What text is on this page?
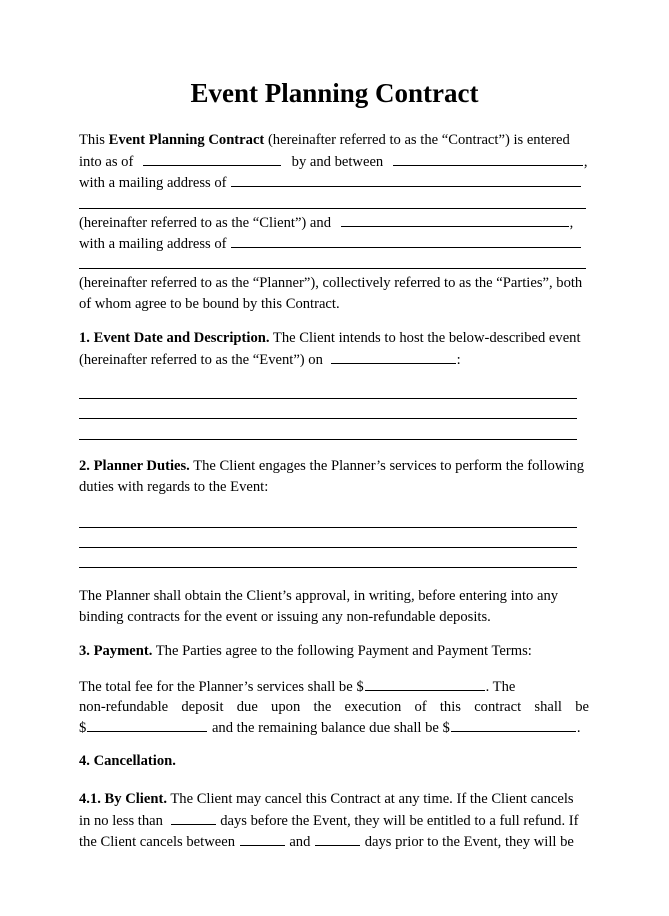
Event Planning Contract

This Event Planning Contract (hereinafter referred to as the “Contract”) is entered

into as of	by and between	,

with a mailing address of

(hereinafter referred to as the “Client”) and	,

with a mailing address of

(hereinafter referred to as the “Planner”), collectively referred to as the “Parties”, both

of whom agree to be bound by this Contract.

1. Event Date and Description. The Client intends to host the below-described event

(hereinafter referred to as the “Event”) on	:

2. Planner Duties. The Client engages the Planner’s services to perform the following

duties with regards to the Event:

The Planner shall obtain the Client’s approval, in writing, before entering into any

binding contracts for the event or issuing any non-refundable deposits.

3. Payment. The Parties agree to the following Payment and Payment Terms:

The total fee for the Planner’s services shall be $	. The

non-refundable deposit due upon the execution of this contract shall be

$	and the remaining balance due shall be $	.

4. Cancellation.

4.1. By Client. The Client may cancel this Contract at any time. If the Client cancels

in no less than	days before the Event, they will be entitled to a full refund. If

the Client cancels between	and	days prior to the Event, they will be
